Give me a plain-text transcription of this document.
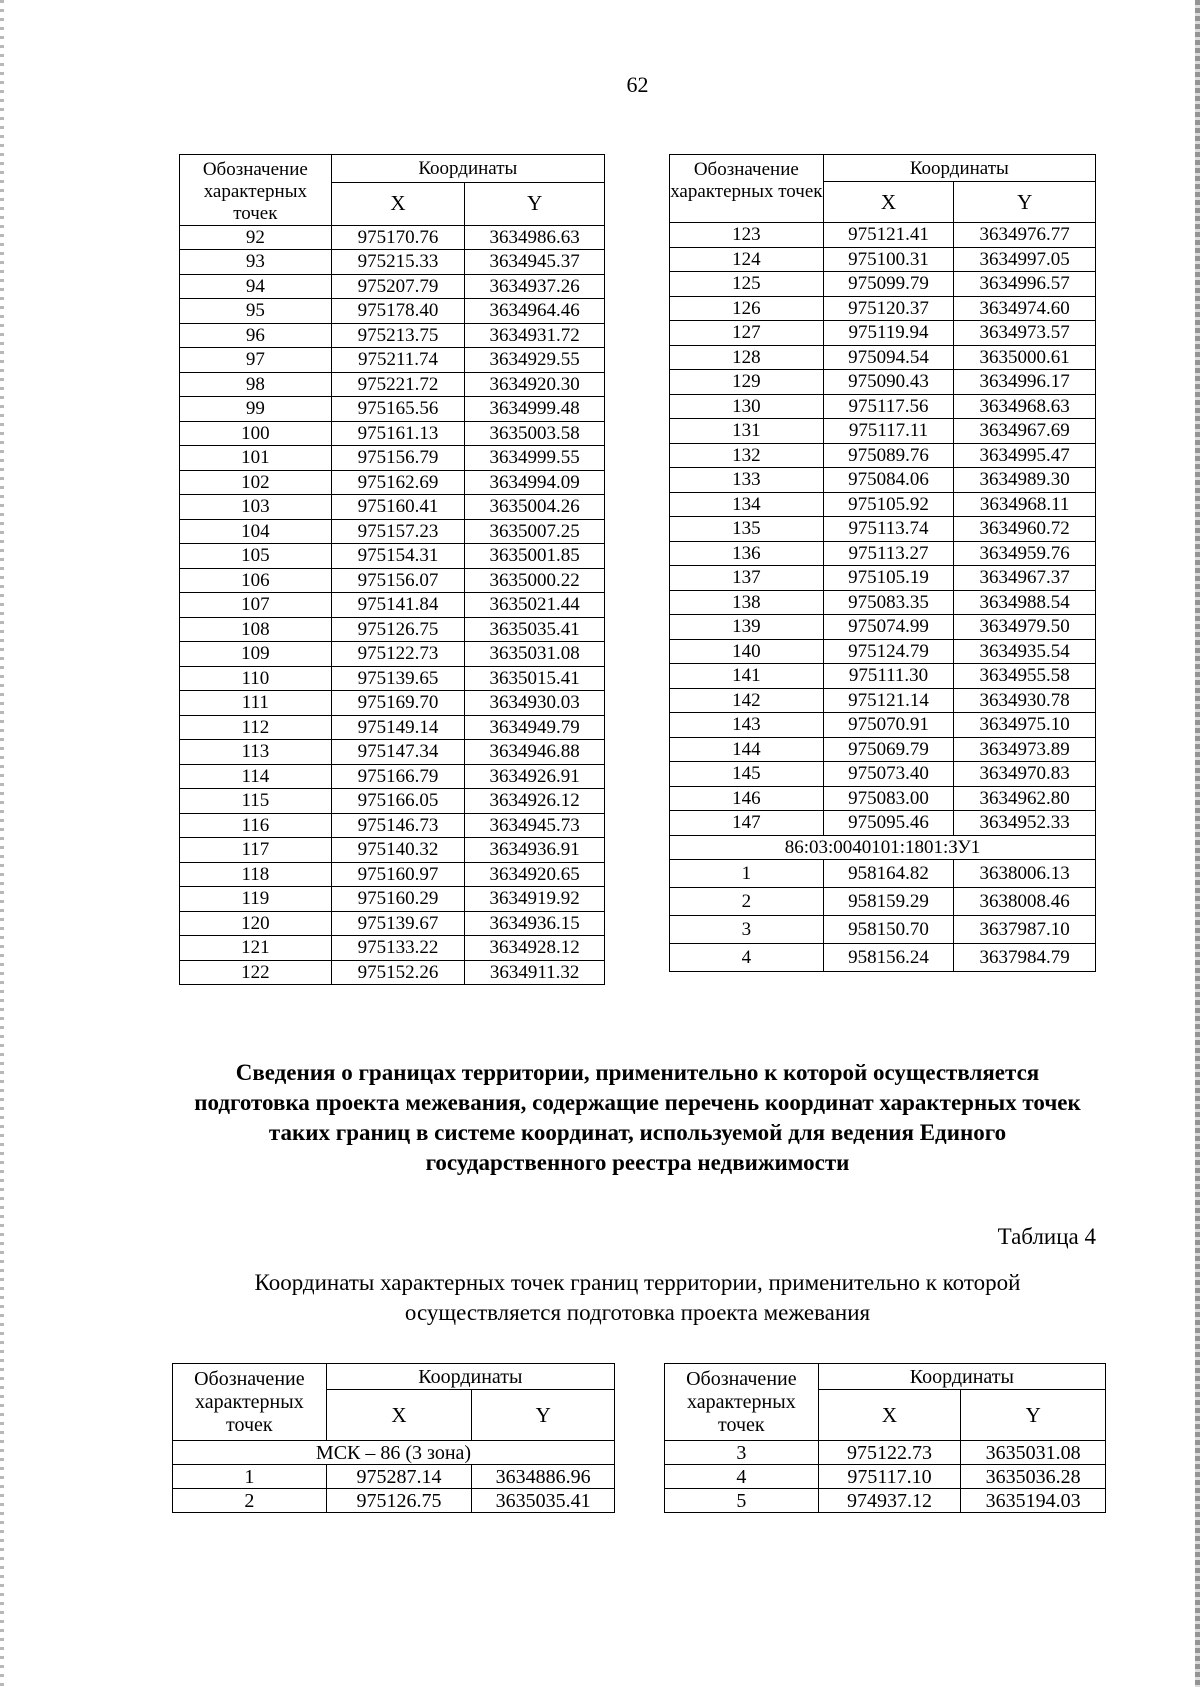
62
Обозначение характерных точек	Координаты	
	X	Y
92	975170.76	3634986.63
93	975215.33	3634945.37
94	975207.79	3634937.26
95	975178.40	3634964.46
96	975213.75	3634931.72
97	975211.74	3634929.55
98	975221.72	3634920.30
99	975165.56	3634999.48
100	975161.13	3635003.58
101	975156.79	3634999.55
102	975162.69	3634994.09
103	975160.41	3635004.26
104	975157.23	3635007.25
105	975154.31	3635001.85
106	975156.07	3635000.22
107	975141.84	3635021.44
108	975126.75	3635035.41
109	975122.73	3635031.08
110	975139.65	3635015.41
111	975169.70	3634930.03
112	975149.14	3634949.79
113	975147.34	3634946.88
114	975166.79	3634926.91
115	975166.05	3634926.12
116	975146.73	3634945.73
117	975140.32	3634936.91
118	975160.97	3634920.65
119	975160.29	3634919.92
120	975139.67	3634936.15
121	975133.22	3634928.12
122	975152.26	3634911.32
Обозначение характерных точек	Координаты	
	X	Y
123	975121.41	3634976.77
124	975100.31	3634997.05
125	975099.79	3634996.57
126	975120.37	3634974.60
127	975119.94	3634973.57
128	975094.54	3635000.61
129	975090.43	3634996.17
130	975117.56	3634968.63
131	975117.11	3634967.69
132	975089.76	3634995.47
133	975084.06	3634989.30
134	975105.92	3634968.11
135	975113.74	3634960.72
136	975113.27	3634959.76
137	975105.19	3634967.37
138	975083.35	3634988.54
139	975074.99	3634979.50
140	975124.79	3634935.54
141	975111.30	3634955.58
142	975121.14	3634930.78
143	975070.91	3634975.10
144	975069.79	3634973.89
145	975073.40	3634970.83
146	975083.00	3634962.80
147	975095.46	3634952.33
86:03:0040101:1801:ЗУ1		
1	958164.82	3638006.13
2	958159.29	3638008.46
3	958150.70	3637987.10
4	958156.24	3637984.79
Сведения о границах территории, применительно к которой осуществляется подготовка проекта межевания, содержащие перечень координат характерных точек таких границ в системе координат, используемой для ведения Единого государственного реестра недвижимости
Таблица 4
Координаты характерных точек границ территории, применительно к которой осуществляется подготовка проекта межевания
Обозначение характерных точек	Координаты	
	X	Y
МСК – 86 (3 зона)		
1	975287.14	3634886.96
2	975126.75	3635035.41
Обозначение характерных точек	Координаты	
	X	Y
3	975122.73	3635031.08
4	975117.10	3635036.28
5	974937.12	3635194.03
